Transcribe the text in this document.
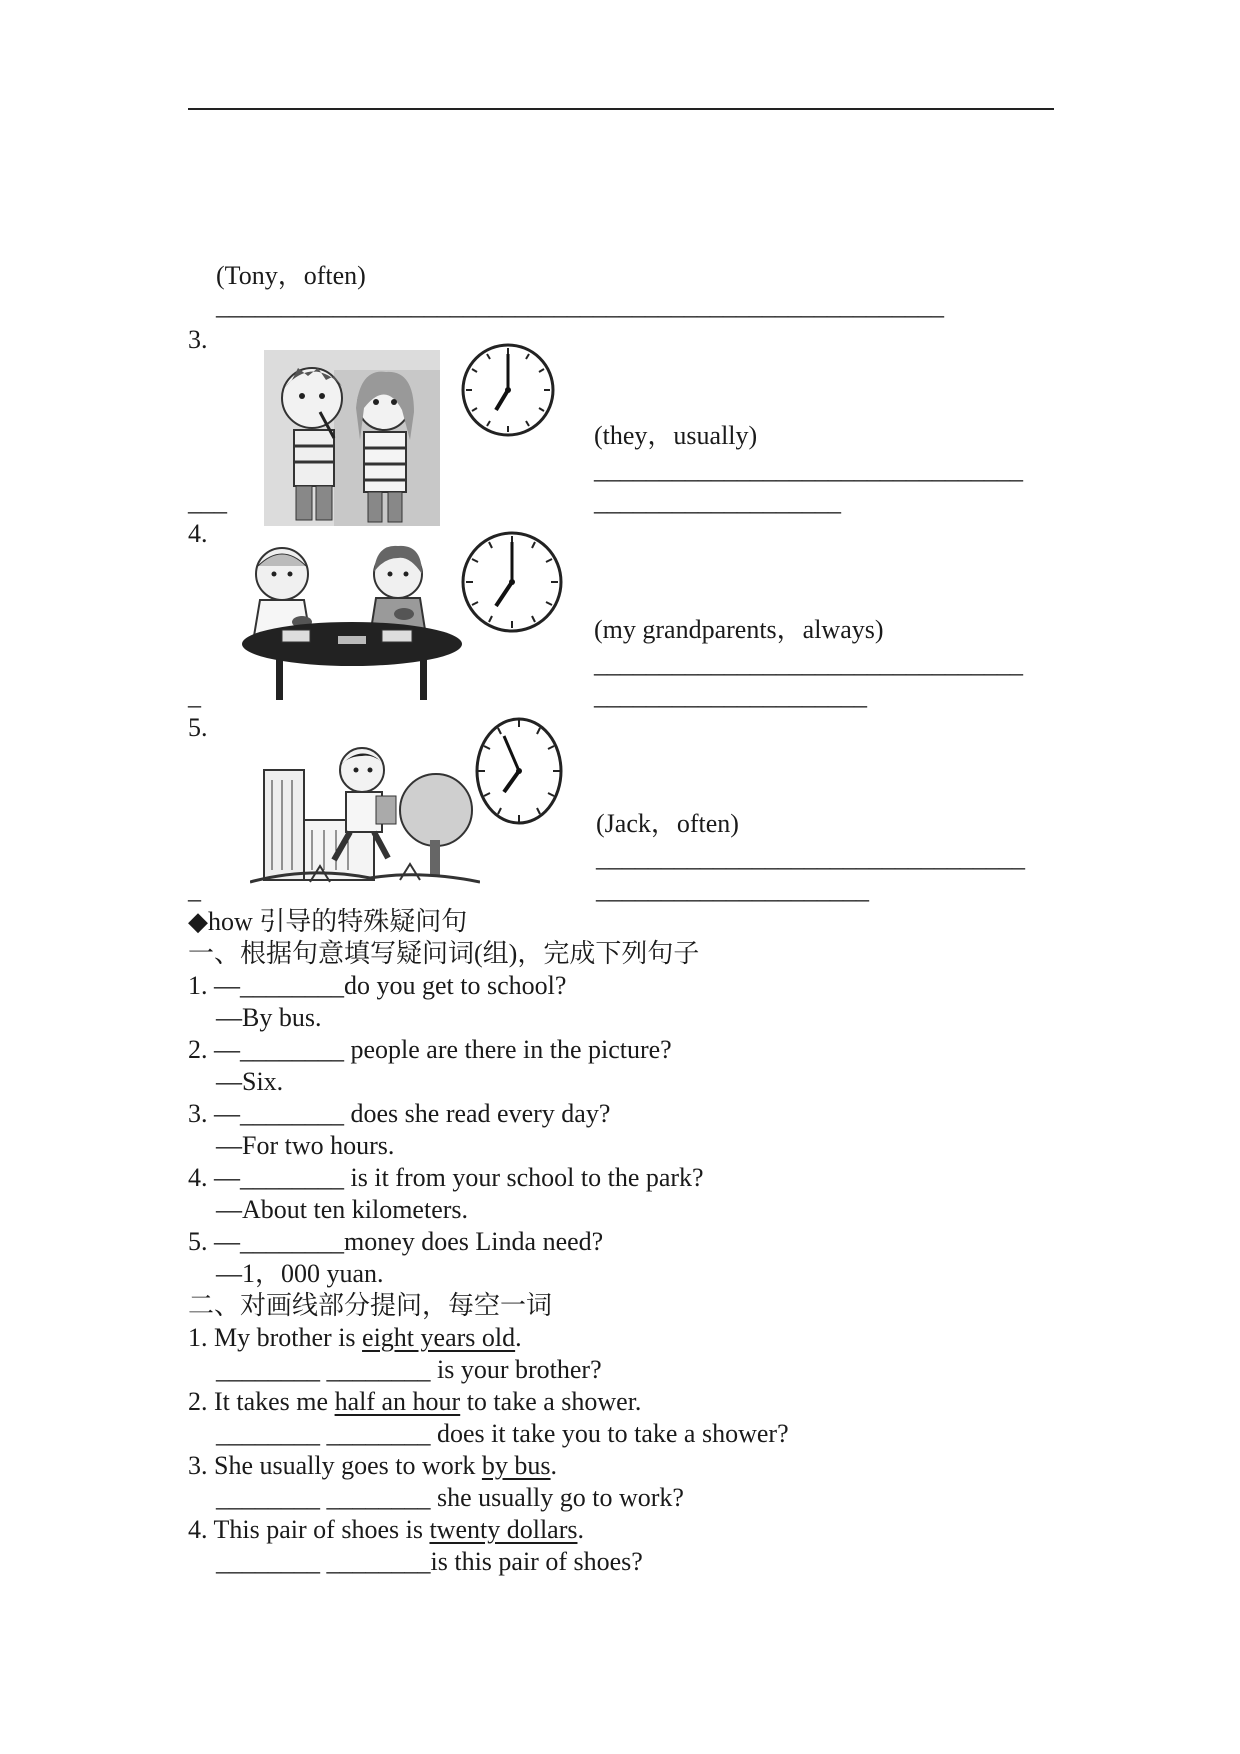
(Tony，often)
________________________________________________________
3.
(they，usually)
_________________________________
___________________
___
4.
(my grandparents，always)
_________________________________
_____________________
_
5.
(Jack，often)
_________________________________
_____________________
_
◆how 引导的特殊疑问句
一、根据句意填写疑问词(组)，完成下列句子
1. —________do you get to school?
—By bus.
2. —________ people are there in the picture?
—Six.
3. —________ does she read every day?
—For two hours.
4. —________ is it from your school to the park?
—About ten kilometers.
5. —________money does Linda need?
—1，000 yuan.
二、对画线部分提问，每空一词
1. My brother is eight years old.
________ ________ is your brother?
2. It takes me half an hour to take a shower.
________ ________ does it take you to take a shower?
3. She usually goes to work by bus.
________ ________ she usually go to work?
4. This pair of shoes is twenty dollars.
________ ________is this pair of shoes?
